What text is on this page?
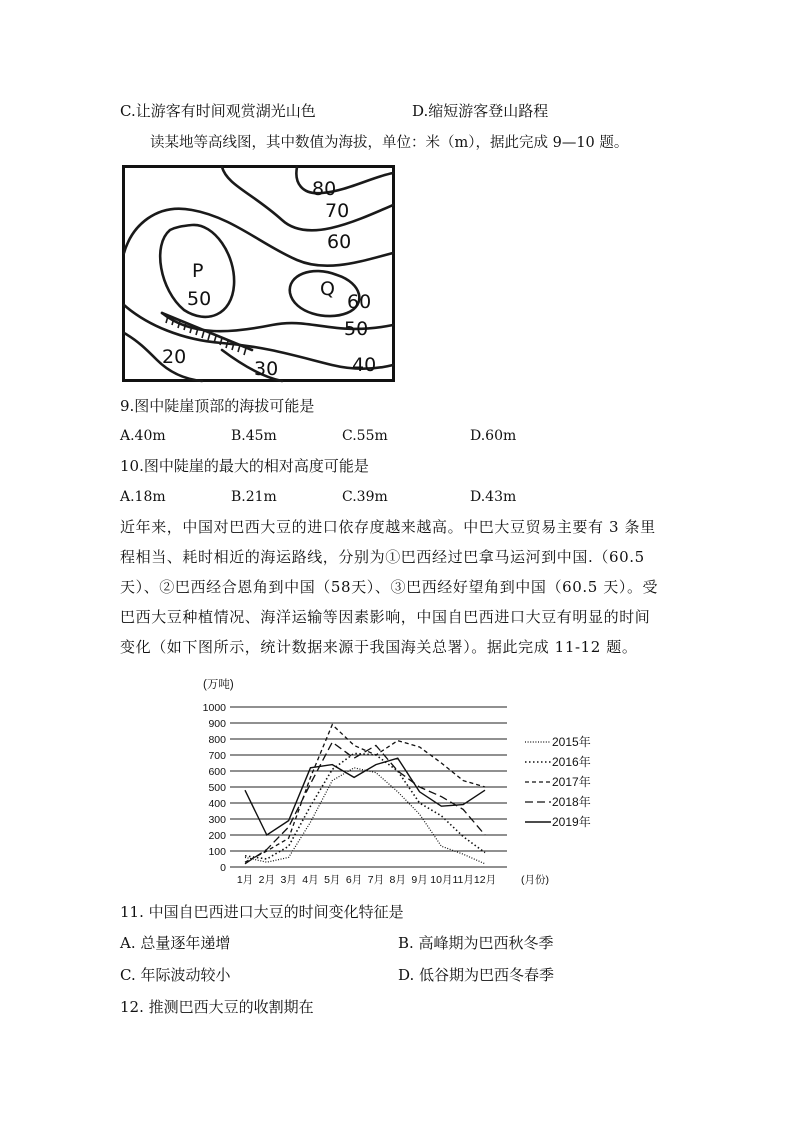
C.让游客有时间观赏湖光山色	D.缩短游客登山路程
读某地等高线图，其中数值为海拔，单位：米（m），据此完成 9—10 题。
80
70
60
P
50	Q
60
50
20
30	40
9.图中陡崖顶部的海拔可能是
A.40m	B.45m	C.55m	D.60m
10.图中陡崖的最大的相对高度可能是
A.18m	B.21m	C.39m	D.43m
近年来，中国对巴西大豆的进口依存度越来越高。中巴大豆贸易主要有 3 条里
程相当、耗时相近的海运路线，分别为①巴西经过巴拿马运河到中国.（60.5
天）、②巴西经合恩角到中国（58天）、③巴西经好望角到中国（60.5 天）。受
巴西大豆种植情况、海洋运输等因素影响，中国自巴西进口大豆有明显的时间
变化（如下图所示，统计数据来源于我国海关总署）。据此完成 11-12 题。
0
100
200
300
400
500
600
700
800
900
1000
(万吨)
1月 2月 3月 4月 5月 6月 7月 8月 9月 10月 11月 12月 (月份)
2015年
2016年
2017年
2018年
2019年
11. 中国自巴西进口大豆的时间变化特征是
A. 总量逐年递增	B. 高峰期为巴西秋冬季
C. 年际波动较小	D. 低谷期为巴西冬春季
12. 推测巴西大豆的收割期在
